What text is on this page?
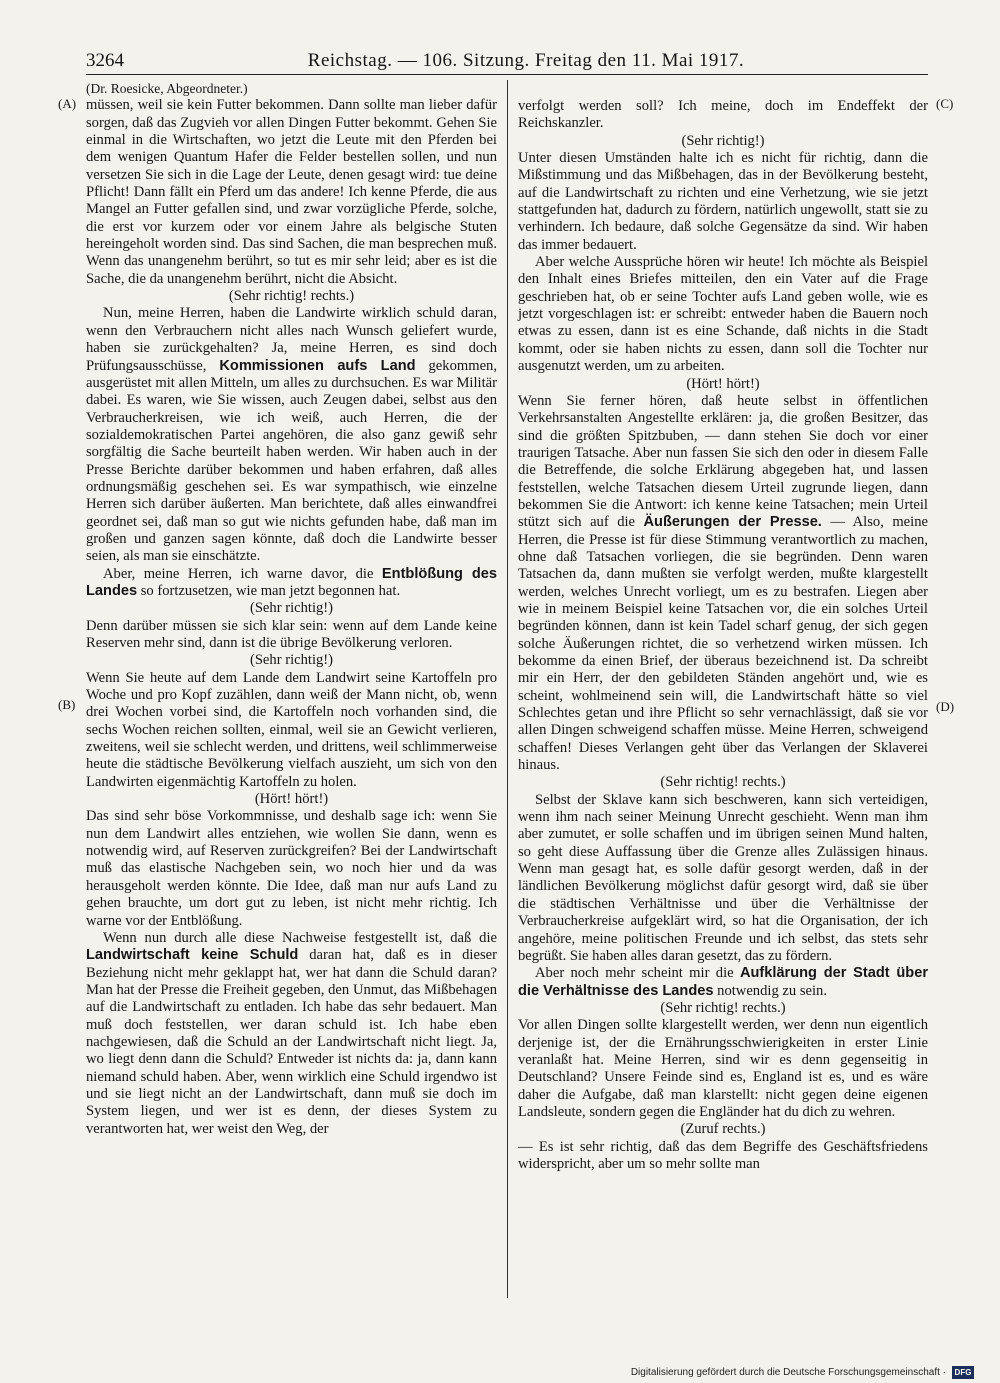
3264	Reichstag. — 106. Sitzung. Freitag den 11. Mai 1917.
(A)
(B)
(C)
(D)

(Dr. Roesicke, Abgeordneter.)

müssen, weil sie kein Futter bekommen. Dann sollte man lieber dafür sorgen, daß das Zugvieh vor allen Dingen Futter bekommt. Gehen Sie einmal in die Wirtschaften, wo jetzt die Leute mit den Pferden bei dem wenigen Quantum Hafer die Felder bestellen sollen, und nun versetzen Sie sich in die Lage der Leute, denen gesagt wird: tue deine Pflicht! Dann fällt ein Pferd um das andere! Ich kenne Pferde, die aus Mangel an Futter gefallen sind, und zwar vorzügliche Pferde, solche, die erst vor kurzem oder vor einem Jahre als belgische Stuten hereingeholt worden sind. Das sind Sachen, die man besprechen muß. Wenn das unangenehm berührt, so tut es mir sehr leid; aber es ist die Sache, die da unangenehm berührt, nicht die Absicht.

(Sehr richtig! rechts.)

Nun, meine Herren, haben die Landwirte wirklich schuld daran, wenn den Verbrauchern nicht alles nach Wunsch geliefert wurde, haben sie zurückgehalten? Ja, meine Herren, es sind doch Prüfungsausschüsse, Kommissionen aufs Land gekommen, ausgerüstet mit allen Mitteln, um alles zu durchsuchen. Es war Militär dabei. Es waren, wie Sie wissen, auch Zeugen dabei, selbst aus den Verbraucherkreisen, wie ich weiß, auch Herren, die der sozialdemokratischen Partei angehören, die also ganz gewiß sehr sorgfältig die Sache beurteilt haben werden. Wir haben auch in der Presse Berichte darüber bekommen und haben erfahren, daß alles ordnungsmäßig geschehen sei. Es war sympathisch, wie einzelne Herren sich darüber äußerten. Man berichtete, daß alles einwandfrei geordnet sei, daß man so gut wie nichts gefunden habe, daß man im großen und ganzen sagen könnte, daß doch die Landwirte besser seien, als man sie einschätzte.

Aber, meine Herren, ich warne davor, die Entblößung des Landes so fortzusetzen, wie man jetzt begonnen hat.

(Sehr richtig!)

Denn darüber müssen sie sich klar sein: wenn auf dem Lande keine Reserven mehr sind, dann ist die übrige Bevölkerung verloren.

(Sehr richtig!)

Wenn Sie heute auf dem Lande dem Landwirt seine Kartoffeln pro Woche und pro Kopf zuzählen, dann weiß der Mann nicht, ob, wenn drei Wochen vorbei sind, die Kartoffeln noch vorhanden sind, die sechs Wochen reichen sollten, einmal, weil sie an Gewicht verlieren, zweitens, weil sie schlecht werden, und drittens, weil schlimmerweise heute die städtische Bevölkerung vielfach auszieht, um sich von den Landwirten eigenmächtig Kartoffeln zu holen.

(Hört! hört!)

Das sind sehr böse Vorkommnisse, und deshalb sage ich: wenn Sie nun dem Landwirt alles entziehen, wie wollen Sie dann, wenn es notwendig wird, auf Reserven zurückgreifen? Bei der Landwirtschaft muß das elastische Nachgeben sein, wo noch hier und da was herausgeholt werden könnte. Die Idee, daß man nur aufs Land zu gehen brauchte, um dort gut zu leben, ist nicht mehr richtig. Ich warne vor der Entblößung.

Wenn nun durch alle diese Nachweise festgestellt ist, daß die Landwirtschaft keine Schuld daran hat, daß es in dieser Beziehung nicht mehr geklappt hat, wer hat dann die Schuld daran? Man hat der Presse die Freiheit gegeben, den Unmut, das Mißbehagen auf die Landwirtschaft zu entladen. Ich habe das sehr bedauert. Man muß doch feststellen, wer daran schuld ist. Ich habe eben nachgewiesen, daß die Schuld an der Landwirtschaft nicht liegt. Ja, wo liegt denn dann die Schuld? Entweder ist nichts da: ja, dann kann niemand schuld haben. Aber, wenn wirklich eine Schuld irgendwo ist und sie liegt nicht an der Landwirtschaft, dann muß sie doch im System liegen, und wer ist es denn, der dieses System zu verantworten hat, wer weist den Weg, der

verfolgt werden soll? Ich meine, doch im Endeffekt der Reichskanzler.

(Sehr richtig!)

Unter diesen Umständen halte ich es nicht für richtig, dann die Mißstimmung und das Mißbehagen, das in der Bevölkerung besteht, auf die Landwirtschaft zu richten und eine Verhetzung, wie sie jetzt stattgefunden hat, dadurch zu fördern, natürlich ungewollt, statt sie zu verhindern. Ich bedaure, daß solche Gegensätze da sind. Wir haben das immer bedauert.

Aber welche Aussprüche hören wir heute! Ich möchte als Beispiel den Inhalt eines Briefes mitteilen, den ein Vater auf die Frage geschrieben hat, ob er seine Tochter aufs Land geben wolle, wie es jetzt vorgeschlagen ist: er schreibt: entweder haben die Bauern noch etwas zu essen, dann ist es eine Schande, daß nichts in die Stadt kommt, oder sie haben nichts zu essen, dann soll die Tochter nur ausgenutzt werden, um zu arbeiten.

(Hört! hört!)

Wenn Sie ferner hören, daß heute selbst in öffentlichen Verkehrsanstalten Angestellte erklären: ja, die großen Besitzer, das sind die größten Spitzbuben, — dann stehen Sie doch vor einer traurigen Tatsache. Aber nun fassen Sie sich den oder in diesem Falle die Betreffende, die solche Erklärung abgegeben hat, und lassen feststellen, welche Tatsachen diesem Urteil zugrunde liegen, dann bekommen Sie die Antwort: ich kenne keine Tatsachen; mein Urteil stützt sich auf die Äußerungen der Presse. — Also, meine Herren, die Presse ist für diese Stimmung verantwortlich zu machen, ohne daß Tatsachen vorliegen, die sie begründen. Denn waren Tatsachen da, dann mußten sie verfolgt werden, mußte klargestellt werden, welches Unrecht vorliegt, um es zu bestrafen. Liegen aber wie in meinem Beispiel keine Tatsachen vor, die ein solches Urteil begründen können, dann ist kein Tadel scharf genug, der sich gegen solche Äußerungen richtet, die so verhetzend wirken müssen. Ich bekomme da einen Brief, der überaus bezeichnend ist. Da schreibt mir ein Herr, der den gebildeten Ständen angehört und, wie es scheint, wohlmeinend sein will, die Landwirtschaft hätte so viel Schlechtes getan und ihre Pflicht so sehr vernachlässigt, daß sie vor allen Dingen schweigend schaffen müsse. Meine Herren, schweigend schaffen! Dieses Verlangen geht über das Verlangen der Sklaverei hinaus.

(Sehr richtig! rechts.)

Selbst der Sklave kann sich beschweren, kann sich verteidigen, wenn ihm nach seiner Meinung Unrecht geschieht. Wenn man ihm aber zumutet, er solle schaffen und im übrigen seinen Mund halten, so geht diese Auffassung über die Grenze alles Zulässigen hinaus. Wenn man gesagt hat, es solle dafür gesorgt werden, daß in der ländlichen Bevölkerung möglichst dafür gesorgt wird, daß sie über die städtischen Verhältnisse und über die Verhältnisse der Verbraucherkreise aufgeklärt wird, so hat die Organisation, der ich angehöre, meine politischen Freunde und ich selbst, das stets sehr begrüßt. Sie haben alles daran gesetzt, das zu fördern.

Aber noch mehr scheint mir die Aufklärung der Stadt über die Verhältnisse des Landes notwendig zu sein.

(Sehr richtig! rechts.)

Vor allen Dingen sollte klargestellt werden, wer denn nun eigentlich derjenige ist, der die Ernährungsschwierigkeiten in erster Linie veranlaßt hat. Meine Herren, sind wir es denn gegenseitig in Deutschland? Unsere Feinde sind es, England ist es, und es wäre daher die Aufgabe, daß man klarstellt: nicht gegen deine eigenen Landsleute, sondern gegen die Engländer hat du dich zu wehren.

(Zuruf rechts.)

— Es ist sehr richtig, daß das dem Begriffe des Geschäftsfriedens widerspricht, aber um so mehr sollte man

Digitalisierung gefördert durch die Deutsche Forschungsgemeinschaft ·	DFG
